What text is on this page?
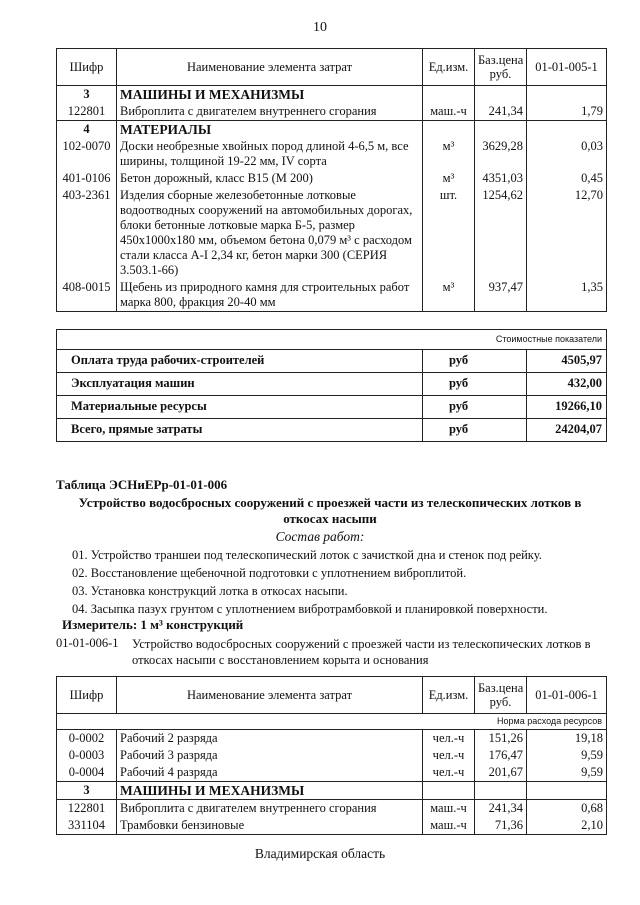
10
Шифр	Наименование элемента затрат	Ед.изм.	Баз.цена руб.	01-01-005-1
3	МАШИНЫ И МЕХАНИЗМЫ			
122801	Виброплита с двигателем внутреннего сгорания	маш.-ч	241,34	1,79
4	МАТЕРИАЛЫ			
102-0070	Доски необрезные хвойных пород длиной 4-6,5 м, все ширины, толщиной 19-22 мм, IV сорта	м³	3629,28	0,03
401-0106	Бетон дорожный, класс В15 (М 200)	м³	4351,03	0,45
403-2361	Изделия сборные железобетонные лотковые водоотводных сооружений на автомобильных дорогах, блоки бетонные лотковые марка Б-5, размер 450х1000х180 мм, объемом бетона 0,079 м³ с расходом стали класса А-I 2,34 кг, бетон марки 300 (СЕРИЯ 3.503.1-66)	шт.	1254,62	12,70
408-0015	Щебень из природного камня для строительных работ марка 800, фракция 20-40 мм	м³	937,47	1,35
Стоимостные показатели		
Оплата труда рабочих-строителей	руб	4505,97
Эксплуатация машин	руб	432,00
Материальные ресурсы	руб	19266,10
Всего, прямые затраты	руб	24204,07
Таблица ЭСНиЕРр-01-01-006
Устройство водосбросных сооружений с проезжей части из телескопических лотков в откосах насыпи
Состав работ:
01. Устройство траншеи под телескопический лоток с зачисткой дна и стенок под рейку.
02. Восстановление щебеночной подготовки с уплотнением виброплитой.
03. Установка конструкций лотка в откосах насыпи.
04. Засыпка пазух грунтом с уплотнением вибротрамбовкой и планировкой поверхности.
Измеритель: 1 м³ конструкций
01-01-006-1 Устройство водосбросных сооружений с проезжей части из телескопических лотков в откосах насыпи с восстановлением корыта и основания
Шифр	Наименование элемента затрат	Ед.изм.	Баз.цена руб.	01-01-006-1
Норма расхода ресурсов				
0-0002	Рабочий 2 разряда	чел.-ч	151,26	19,18
0-0003	Рабочий 3 разряда	чел.-ч	176,47	9,59
0-0004	Рабочий 4 разряда	чел.-ч	201,67	9,59
3	МАШИНЫ И МЕХАНИЗМЫ			
122801	Виброплита с двигателем внутреннего сгорания	маш.-ч	241,34	0,68
331104	Трамбовки бензиновые	маш.-ч	71,36	2,10
Владимирская область
